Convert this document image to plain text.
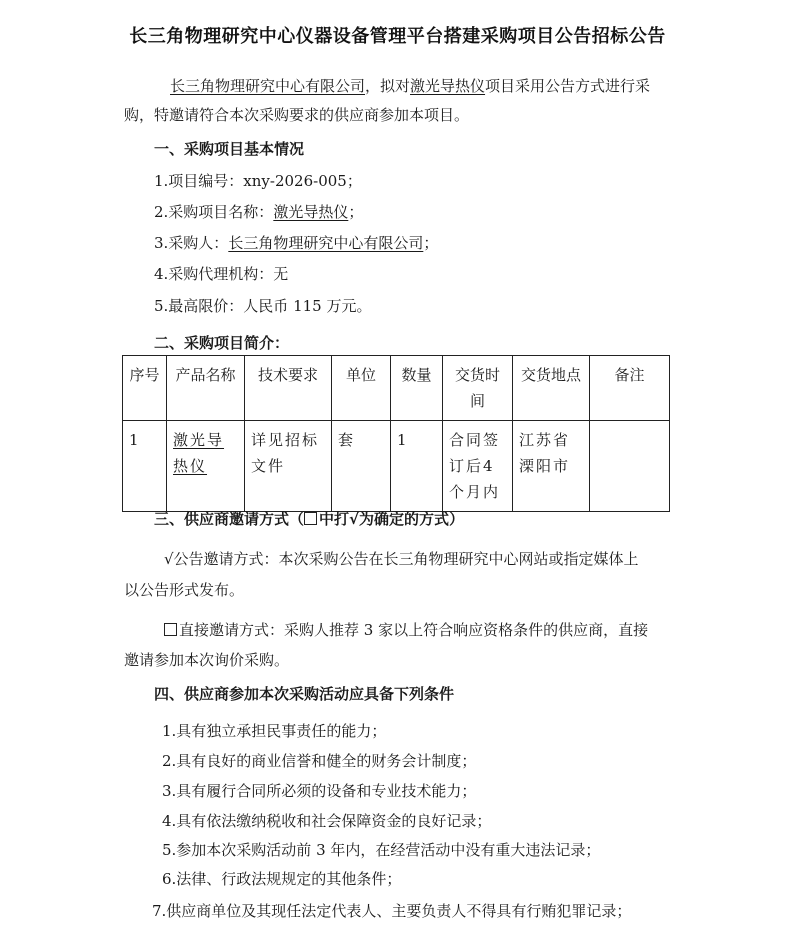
长三角物理研究中心仪器设备管理平台搭建采购项目公告招标公告
长三角物理研究中心有限公司，拟对激光导热仪项目采用公告方式进行采
购，特邀请符合本次采购要求的供应商参加本项目。
一、采购项目基本情况
1.项目编号：xny-2026-005；
2.采购项目名称：激光导热仪；
3.采购人：长三角物理研究中心有限公司；
4.采购代理机构：无
5.最高限价：人民币 115 万元。
二、采购项目简介：
序号	产品名称	技术要求	单位	数量	交货时间	交货地点	备注
1	激光导热仪	详见招标文件	套	1	合同签订后4个月内	江苏省溧阳市	
三、供应商邀请方式（ 中打√为确定的方式）
√公告邀请方式：本次采购公告在长三角物理研究中心网站或指定媒体上
以公告形式发布。
直接邀请方式：采购人推荐 3 家以上符合响应资格条件的供应商，直接
邀请参加本次询价采购。
四、供应商参加本次采购活动应具备下列条件
1.具有独立承担民事责任的能力；
2.具有良好的商业信誉和健全的财务会计制度；
3.具有履行合同所必须的设备和专业技术能力；
4.具有依法缴纳税收和社会保障资金的良好记录；
5.参加本次采购活动前 3 年内，在经营活动中没有重大违法记录；
6.法律、行政法规规定的其他条件；
7.供应商单位及其现任法定代表人、主要负责人不得具有行贿犯罪记录；
